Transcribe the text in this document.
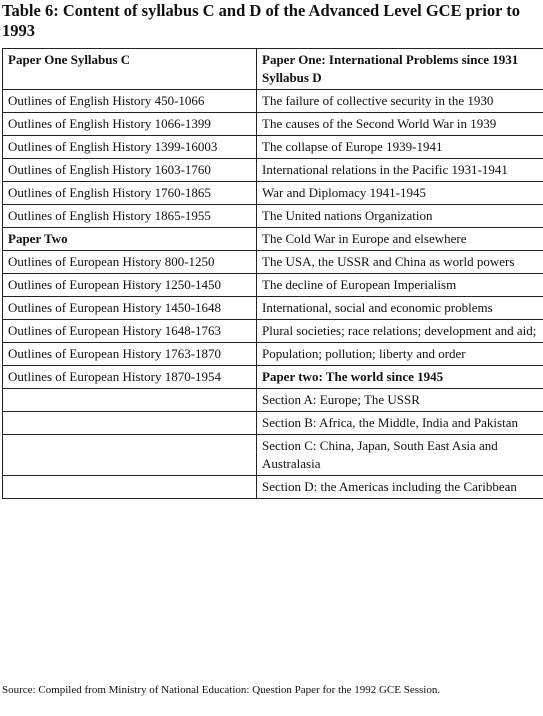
Table 6: Content of syllabus C and D of the Advanced Level GCE prior to 1993
Paper One Syllabus C	Paper One: International Problems since 1931 Syllabus D
Outlines of English History 450-1066	The failure of collective security in the 1930
Outlines of English History 1066-1399	The causes of the Second World War in 1939
Outlines of English History 1399-16003	The collapse of Europe 1939-1941
Outlines of English History 1603-1760	International relations in the Pacific 1931-1941
Outlines of English History 1760-1865	War and Diplomacy 1941-1945
Outlines of English History 1865-1955	The United nations Organization
Paper Two	The Cold War in Europe and elsewhere
Outlines of European History 800-1250	The USA, the USSR and China as world powers
Outlines of European History 1250-1450	The decline of European Imperialism
Outlines of European History 1450-1648	International, social and economic problems
Outlines of European History 1648-1763	Plural societies; race relations; development and aid;
Outlines of European History 1763-1870	Population; pollution; liberty and order
Outlines of European History 1870-1954	Paper two: The world since 1945
	Section A: Europe; The USSR
	Section B: Africa, the Middle, India and Pakistan
	Section C: China, Japan, South East Asia and Australasia
	Section D: the Americas including the Caribbean
Source: Compiled from Ministry of National Education: Question Paper for the 1992 GCE Session.
